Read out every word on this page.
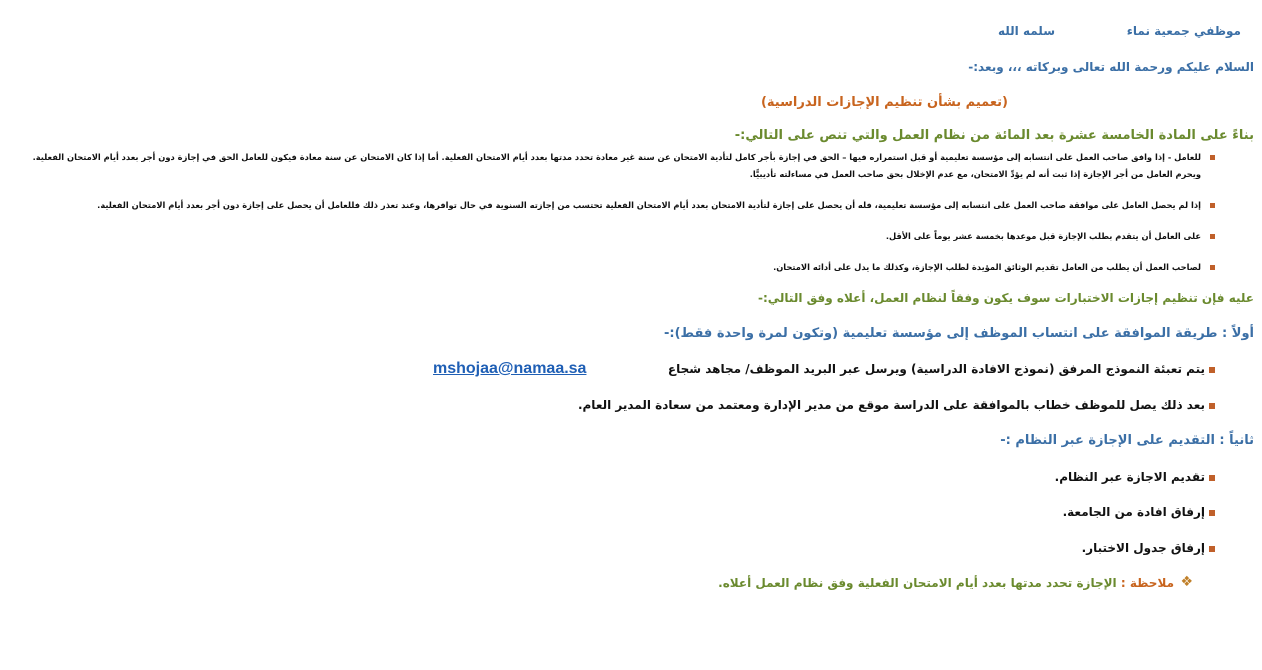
موظفي جمعية نماء
سلمه الله
السلام عليكم ورحمة الله تعالى وبركاته ،،، وبعد:-
(تعميم بشأن تنظيم الإجازات الدراسية)
بناءً على المادة الخامسة عشرة بعد المائة من نظام العمل والتي تنص على التالي:-
للعامل - إذا وافق صاحب العمل على انتسابه إلى مؤسسة تعليمية أو قبل استمراره فيها – الحق في إجازة بأجر كامل لتأدية الامتحان عن سنة غير معادة تحدد مدتها بعدد أيام الامتحان الفعلية. أما إذا كان الامتحان عن سنة معادة فيكون للعامل الحق في إجازة دون أجر بعدد أيام الامتحان الفعلية. ويحرم العامل من أجر الإجازة إذا ثبت أنه لم يؤدِّ الامتحان، مع عدم الإخلال بحق صاحب العمل في مساءلته تأديبيًّا.
إذا لم يحصل العامل على موافقة صاحب العمل على انتسابه إلى مؤسسة تعليمية، فله أن يحصل على إجازة لتأدية الامتحان بعدد أيام الامتحان الفعلية تحتسب من إجازته السنوية في حال توافرها، وعند تعذر ذلك فللعامل أن يحصل على إجازة دون أجر بعدد أيام الامتحان الفعلية.
على العامل أن يتقدم بطلب الإجازة قبل موعدها بخمسة عشر يوماً على الأقل.
لصاحب العمل أن يطلب من العامل تقديم الوثائق المؤيدة لطلب الإجازة، وكذلك ما يدل على أدائه الامتحان.
عليه فإن تنظيم إجازات الاختبارات سوف يكون وفقاً لنظام العمل، أعلاه وفق التالي:-
أولاً : طريقة الموافقة على انتساب الموظف إلى مؤسسة تعليمية (وتكون لمرة واحدة فقط):-
يتم تعبئة النموذج المرفق (نموذج الافادة الدراسية) ويرسل عبر البريد الموظف/ مجاهد شجاع
mshojaa@namaa.sa
بعد ذلك يصل للموظف خطاب بالموافقة على الدراسة موقع من مدير الإدارة ومعتمد من سعادة المدير العام.
ثانياً : التقديم على الإجازة عبر النظام :-
تقديم الاجازة عبر النظام.
إرفاق افادة من الجامعة.
إرفاق جدول الاختبار.
❖
ملاحظة : الإجازة تحدد مدتها بعدد أيام الامتحان الفعلية وفق نظام العمل أعلاه.
